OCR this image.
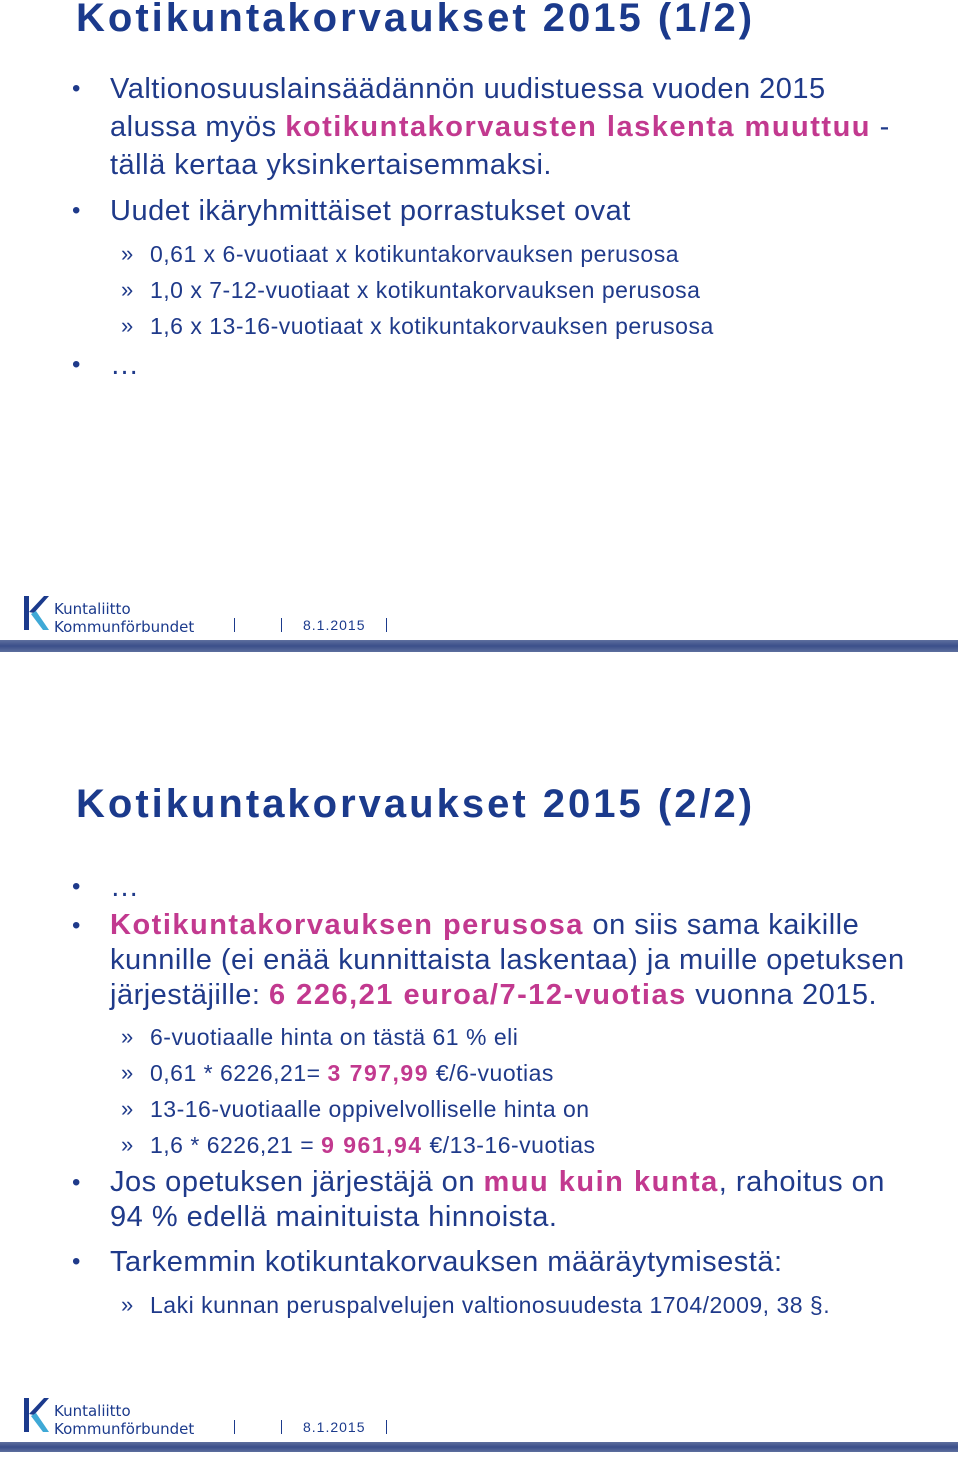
Kotikuntakorvaukset 2015 (1/2)

• Valtionosuuslainsäädännön uudistuessa vuoden 2015 alussa myös kotikuntakorvausten laskenta muuttuu - tällä kertaa yksinkertaisemmaksi.

• Uudet ikäryhmittäiset porrastukset ovat

» 0,61 x 6-vuotiaat x kotikuntakorvauksen perusosa

» 1,0 x 7-12-vuotiaat x kotikuntakorvauksen perusosa

» 1,6 x 13-16-vuotiaat x kotikuntakorvauksen perusosa

• …

Kuntaliitto
Kommunförbundet	8.1.2015
Kotikuntakorvaukset 2015 (2/2)

• …

• Kotikuntakorvauksen perusosa on siis sama kaikille kunnille (ei enää kunnittaista laskentaa) ja muille opetuksen järjestäjille: 6 226,21 euroa/7-12-vuotias vuonna 2015.

» 6-vuotiaalle hinta on tästä 61 % eli

» 0,61 * 6226,21= 3 797,99 €/6-vuotias

» 13-16-vuotiaalle oppivelvolliselle hinta on

» 1,6 * 6226,21 = 9 961,94 €/13-16-vuotias

• Jos opetuksen järjestäjä on muu kuin kunta, rahoitus on 94 % edellä mainituista hinnoista.

• Tarkemmin kotikuntakorvauksen määräytymisestä:

» Laki kunnan peruspalvelujen valtionosuudesta 1704/2009, 38 §.

Kuntaliitto
Kommunförbundet	8.1.2015
